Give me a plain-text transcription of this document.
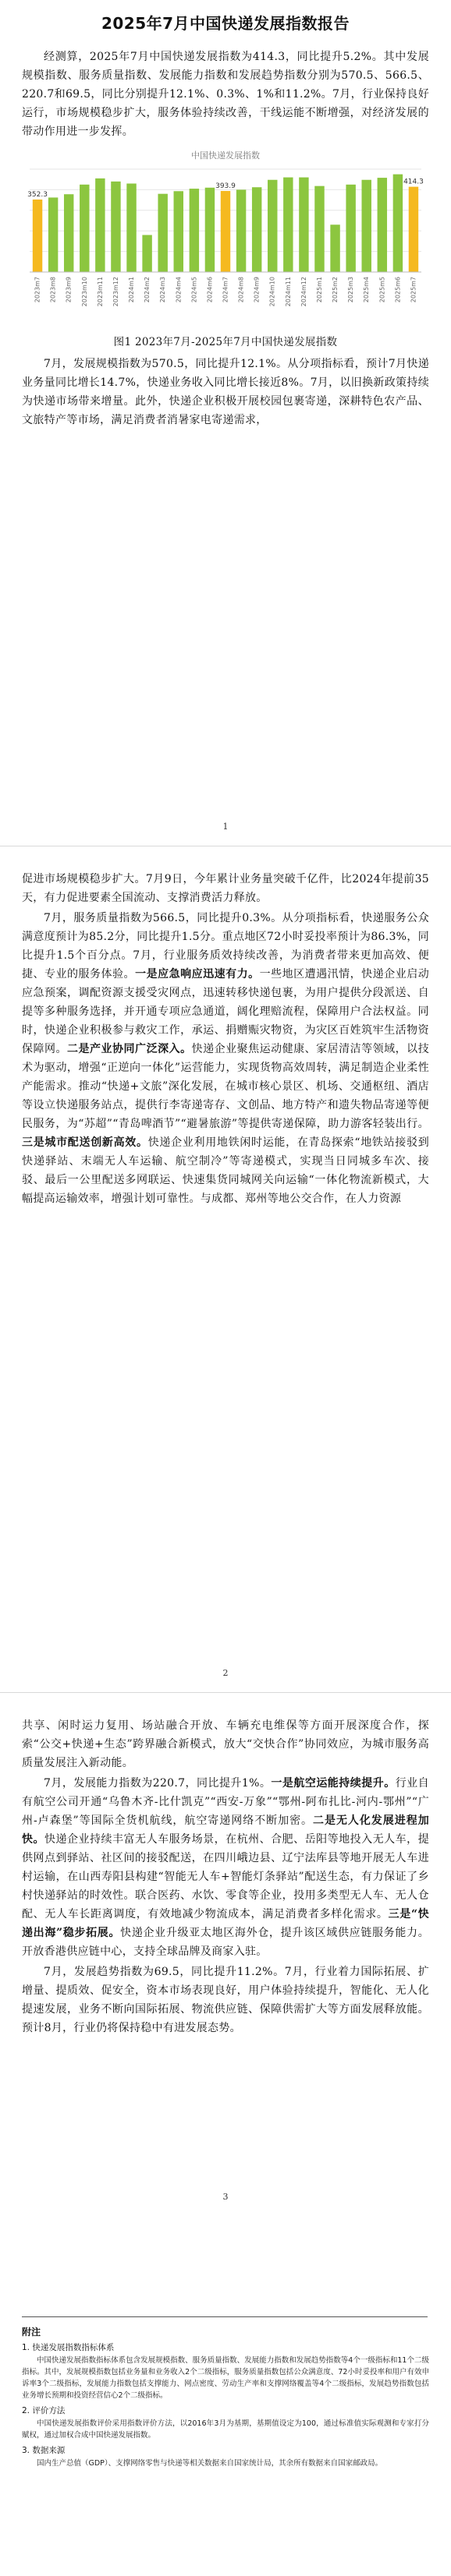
2025年7月中国快递发展指数报告

经测算，2025年7月中国快递发展指数为414.3，同比提升5.2%。其中发展规模指数、服务质量指数、发展能力指数和发展趋势指数分别为570.5、566.5、220.7和69.5，同比分别提升12.1%、0.3%、1%和11.2%。7月，行业保持良好运行，市场规模稳步扩大，服务体验持续改善，干线运能不断增强，对经济发展的带动作用进一步发挥。

中国快递发展指数
352.3
2023m7 2023m8 2023m9 2023m10 2023m11 2023m12 2024m1 2024m2 2024m3 2024m4 2024m5 2024m6
393.9
2024m7 2024m8 2024m9 2024m10 2024m11 2024m12 2025m1 2025m2 2025m3 2025m4 2025m5 2025m6
414.3
2025m7
图1 2023年7月-2025年7月中国快递发展指数

7月，发展规模指数为570.5，同比提升12.1%。从分项指标看，预计7月快递业务量同比增长14.7%，快递业务收入同比增长接近8%。7月，以旧换新政策持续为快递市场带来增量。此外，快递企业积极开展校园包裹寄递，深耕特色农产品、文旅特产等市场，满足消费者消暑家电寄递需求，

1

促进市场规模稳步扩大。7月9日，今年累计业务量突破千亿件，比2024年提前35天，有力促进要素全国流动、支撑消费活力释放。

7月，服务质量指数为566.5，同比提升0.3%。从分项指标看，快递服务公众满意度预计为85.2分，同比提升1.5分。重点地区72小时妥投率预计为86.3%，同比提升1.5个百分点。7月，行业服务质效持续改善，为消费者带来更加高效、便捷、专业的服务体验。一是应急响应迅速有力。一些地区遭遇汛情，快递企业启动应急预案，调配资源支援受灾网点，迅速转移快递包裹，为用户提供分段派送、自提等多种服务选择，并开通专项应急通道，阔化理赔流程，保障用户合法权益。同时，快递企业积极参与救灾工作，承运、捐赠赈灾物资，为灾区百姓筑牢生活物资保障网。二是产业协同广泛深入。快递企业聚焦运动健康、家居清洁等领域，以技术为驱动，增强“正逆向一体化”运营能力，实现货物高效周转，满足制造企业柔性产能需求。推动“快递+文旅”深化发展，在城市核心景区、机场、交通枢纽、酒店等设立快递服务站点，提供行李寄递寄存、文创品、地方特产和遗失物品寄递等便民服务，为“苏超”“青岛啤酒节”“避暑旅游”等提供寄递保障，助力游客轻装出行。三是城市配送创新高效。快递企业利用地铁闲时运能，在青岛探索“地铁站接驳到快递驿站、末端无人车运输、航空制冷”等寄递模式，实现当日同城多车次、接驳、最后一公里配送多网联运、快速集货同城网关向运输“一体化物流新模式，大幅提高运输效率，增强计划可靠性。与成都、郑州等地公交合作，在人力资源

2

共享、闲时运力复用、场站融合开放、车辆充电维保等方面开展深度合作，探索“公交+快递+生态”跨界融合新模式，放大“交快合作”协同效应，为城市服务高质量发展注入新动能。

7月，发展能力指数为220.7，同比提升1%。一是航空运能持续提升。行业自有航空公司开通“乌鲁木齐-比什凯克”“西安-万象”“鄂州-阿布扎比-河内-鄂州”“广州-卢森堡”等国际全货机航线，航空寄递网络不断加密。二是无人化发展进程加快。快递企业持续丰富无人车服务场景，在杭州、合肥、岳阳等地投入无人车，提供网点到驿站、社区间的接驳配送，在四川峨边县、辽宁法库县等地开展无人车进村运输，在山西寿阳县构建“智能无人车+智能灯条驿站”配送生态，有力保证了乡村快递驿站的时效性。联合医药、水饮、零食等企业，投用多类型无人车、无人仓配、无人车长距离调度，有效地减少物流成本，满足消费者多样化需求。三是“快递出海”稳步拓展。快递企业升级亚太地区海外仓，提升该区域供应链服务能力。开放香港供应链中心，支持全球品牌及商家入驻。

7月，发展趋势指数为69.5，同比提升11.2%。7月，行业着力国际拓展、扩增量、提质效、促安全，资本市场表现良好，用户体验持续提升，智能化、无人化提速发展，业务不断向国际拓展、物流供应链、保障供需扩大等方面发展释放能。预计8月，行业仍将保持稳中有进发展态势。

3
附注
1. 快递发展指数指标体系

中国快递发展指数指标体系包含发展规模指数、服务质量指数、发展能力指数和发展趋势指数等4个一级指标和11个二级指标。其中，发展规模指数包括业务量和业务收入2个二级指标，服务质量指数包括公众满意度、72小时妥投率和用户有效申诉率3个二级指标，发展能力指数包括支撑能力、网点密度、劳动生产率和支撑网络覆盖等4个二级指标，发展趋势指数包括业务增长预期和投资经营信心2个二级指标。

2. 评价方法

中国快递发展指数评价采用指数评价方法，以2016年3月为基期，基期值设定为100，通过标准值实际观测和专家打分赋权，通过加权合成中国快递发展指数。

3. 数据来源

国内生产总值（GDP）、支撑网络零售与快递等相关数据来自国家统计局，其余所有数据来自国家邮政局。
